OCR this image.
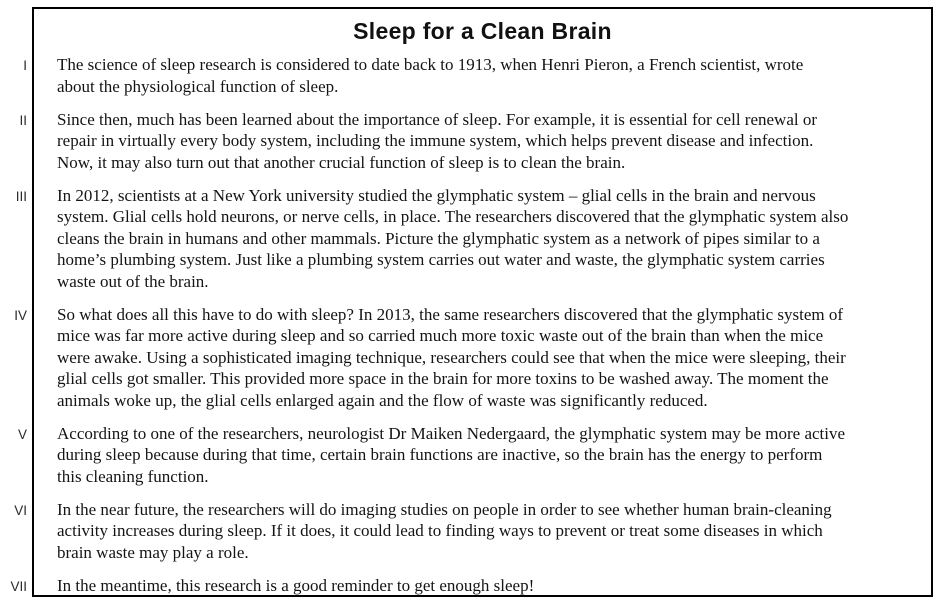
Sleep for a Clean Brain
I The science of sleep research is considered to date back to 1913, when Henri Pieron, a French scientist, wrote
about the physiological function of sleep.
II Since then, much has been learned about the importance of sleep. For example, it is essential for cell renewal or
repair in virtually every body system, including the immune system, which helps prevent disease and infection.
Now, it may also turn out that another crucial function of sleep is to clean the brain.
III In 2012, scientists at a New York university studied the glymphatic system – glial cells in the brain and nervous
system. Glial cells hold neurons, or nerve cells, in place. The researchers discovered that the glymphatic system also
cleans the brain in humans and other mammals. Picture the glymphatic system as a network of pipes similar to a
home’s plumbing system. Just like a plumbing system carries out water and waste, the glymphatic system carries
waste out of the brain.
IV So what does all this have to do with sleep? In 2013, the same researchers discovered that the glymphatic system of
mice was far more active during sleep and so carried much more toxic waste out of the brain than when the mice
were awake. Using a sophisticated imaging technique, researchers could see that when the mice were sleeping, their
glial cells got smaller. This provided more space in the brain for more toxins to be washed away. The moment the
animals woke up, the glial cells enlarged again and the flow of waste was significantly reduced.
V According to one of the researchers, neurologist Dr Maiken Nedergaard, the glymphatic system may be more active
during sleep because during that time, certain brain functions are inactive, so the brain has the energy to perform
this cleaning function.
VI In the near future, the researchers will do imaging studies on people in order to see whether human brain-cleaning
activity increases during sleep. If it does, it could lead to finding ways to prevent or treat some diseases in which
brain waste may play a role.
VII In the meantime, this research is a good reminder to get enough sleep!
